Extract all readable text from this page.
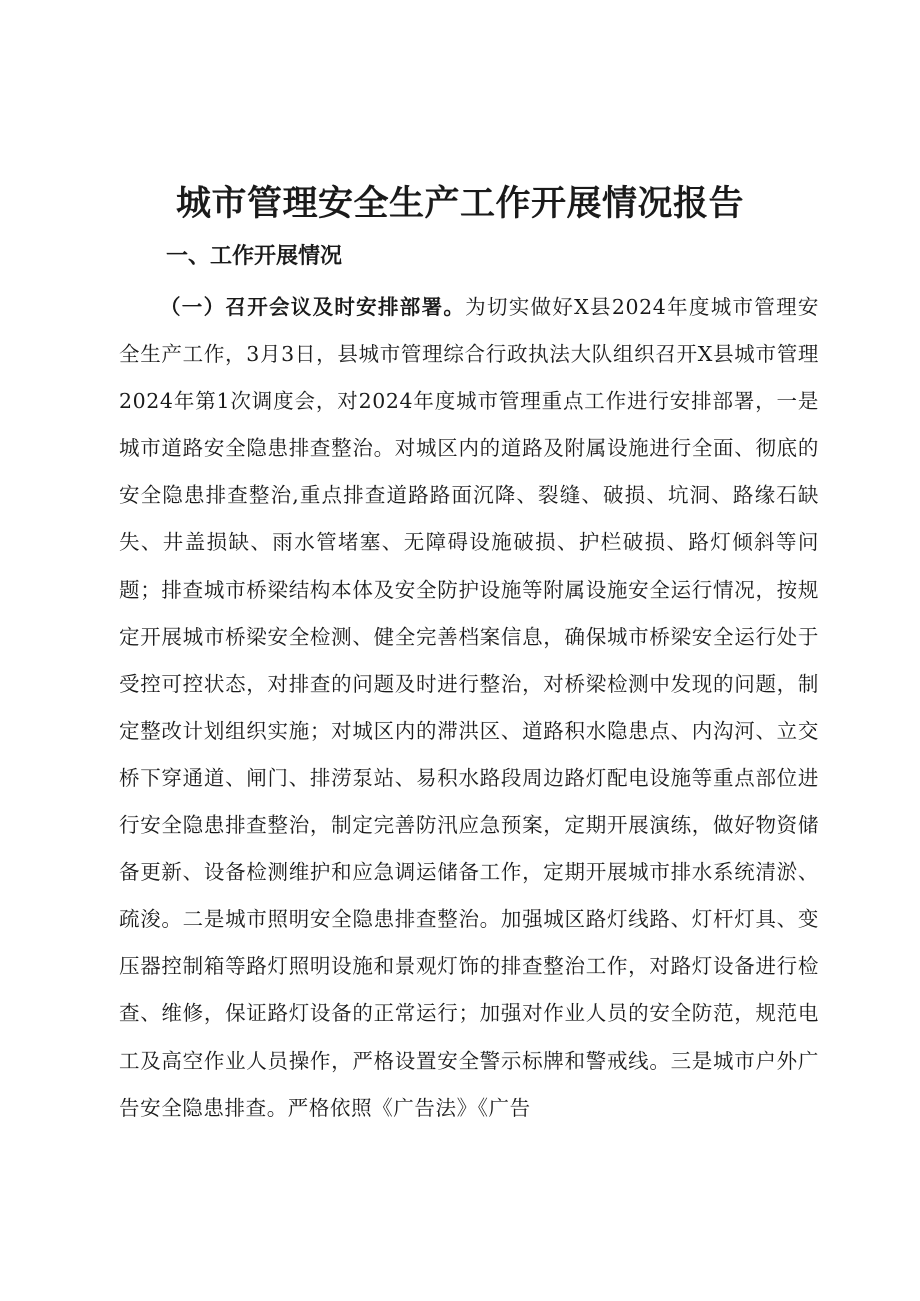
城市管理安全生产工作开展情况报告
一、工作开展情况

（一）召开会议及时安排部署。为切实做好X县2024年度城市管理安全生产工作，3月3日，县城市管理综合行政执法大队组织召开X县城市管理2024年第1次调度会，对2024年度城市管理重点工作进行安排部署，一是城市道路安全隐患排查整治。对城区内的道路及附属设施进行全面、彻底的安全隐患排查整治,重点排查道路路面沉降、裂缝、破损、坑洞、路缘石缺失、井盖损缺、雨水管堵塞、无障碍设施破损、护栏破损、路灯倾斜等问题；排查城市桥梁结构本体及安全防护设施等附属设施安全运行情况，按规定开展城市桥梁安全检测、健全完善档案信息，确保城市桥梁安全运行处于受控可控状态，对排查的问题及时进行整治，对桥梁检测中发现的问题，制定整改计划组织实施；对城区内的滞洪区、道路积水隐患点、内沟河、立交桥下穿通道、闸门、排涝泵站、易积水路段周边路灯配电设施等重点部位进行安全隐患排查整治，制定完善防汛应急预案，定期开展演练，做好物资储备更新、设备检测维护和应急调运储备工作，定期开展城市排水系统清淤、疏浚。二是城市照明安全隐患排查整治。加强城区路灯线路、灯杆灯具、变压器控制箱等路灯照明设施和景观灯饰的排查整治工作，对路灯设备进行检查、维修，保证路灯设备的正常运行；加强对作业人员的安全防范，规范电工及高空作业人员操作，严格设置安全警示标牌和警戒线。三是城市户外广告安全隐患排查。严格依照《广告法》《广告
